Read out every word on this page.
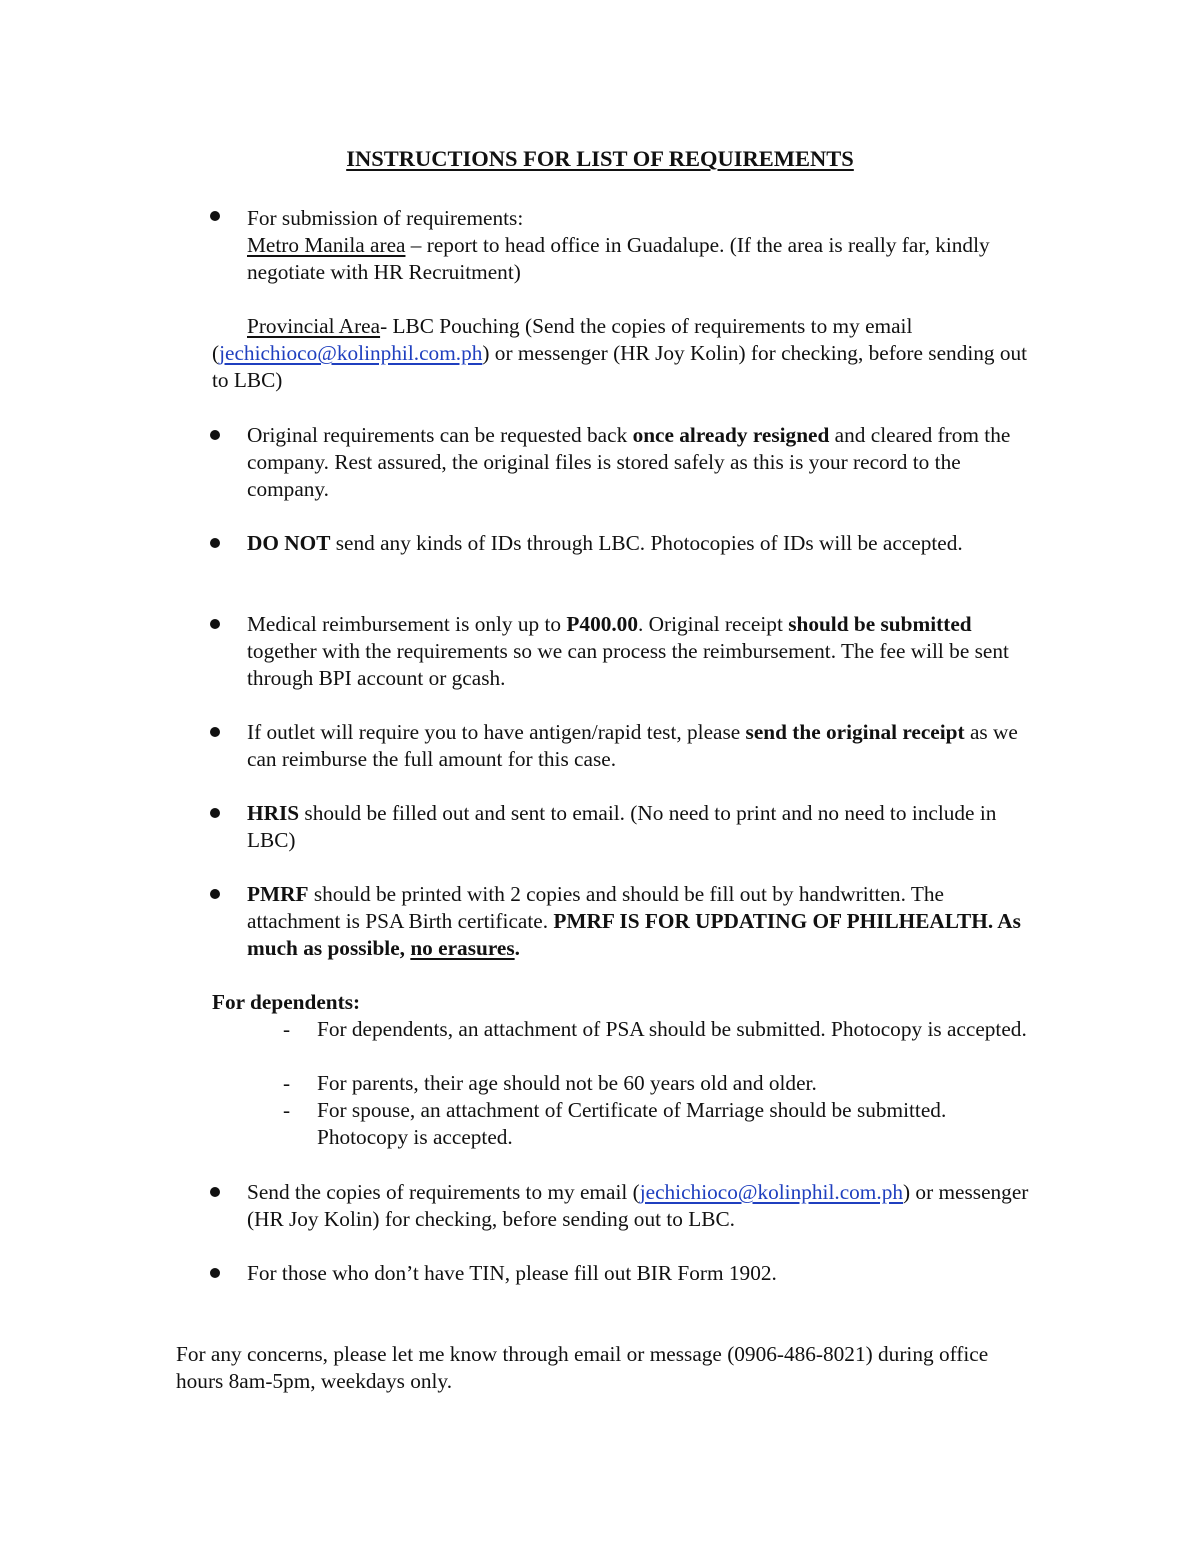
INSTRUCTIONS FOR LIST OF REQUIREMENTS

For submission of requirements:

Metro Manila area – report to head office in Guadalupe. (If the area is really far, kindly negotiate with HR Recruitment)

Provincial Area- LBC Pouching (Send the copies of requirements to my email (jechichioco@kolinphil.com.ph) or messenger (HR Joy Kolin) for checking, before sending out to LBC)

Original requirements can be requested back once already resigned and cleared from the company. Rest assured, the original files is stored safely as this is your record to the company.

DO NOT send any kinds of IDs through LBC. Photocopies of IDs will be accepted.

Medical reimbursement is only up to P400.00. Original receipt should be submitted together with the requirements so we can process the reimbursement. The fee will be sent through BPI account or gcash.

If outlet will require you to have antigen/rapid test, please send the original receipt as we can reimburse the full amount for this case.

HRIS should be filled out and sent to email. (No need to print and no need to include in LBC)

PMRF should be printed with 2 copies and should be fill out by handwritten. The attachment is PSA Birth certificate. PMRF IS FOR UPDATING OF PHILHEALTH. As much as possible, no erasures.

For dependents:

-	For dependents, an attachment of PSA should be submitted. Photocopy is accepted.

-	For parents, their age should not be 60 years old and older.

-	For spouse, an attachment of Certificate of Marriage should be submitted. Photocopy is accepted.

Send the copies of requirements to my email (jechichioco@kolinphil.com.ph) or messenger (HR Joy Kolin) for checking, before sending out to LBC.

For those who don’t have TIN, please fill out BIR Form 1902.

For any concerns, please let me know through email or message (0906-486-8021) during office hours 8am-5pm, weekdays only.
